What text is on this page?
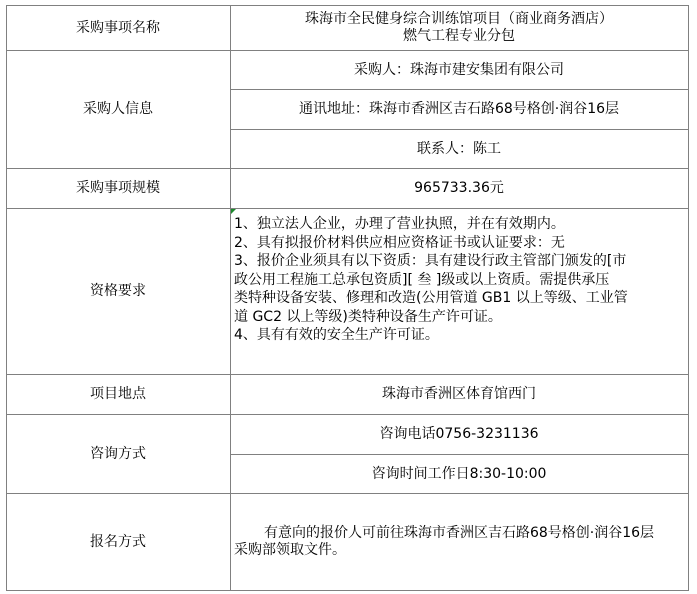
采购事项名称
珠海市全民健身综合训练馆项目（商业商务酒店）
燃气工程专业分包
采购人信息
采购人：珠海市建安集团有限公司
通讯地址：珠海市香洲区吉石路68号格创·润谷16层
联系人：陈工
采购事项规模	965733.36元
资格要求
1、独立法人企业，办理了营业执照，并在有效期内。
2、具有拟报价材料供应相应资格证书或认证要求：无
3、报价企业须具有以下资质：具有建设行政主管部门颁发的[市
政公用工程施工总承包资质][ 叁 ]级或以上资质。需提供承压
类特种设备安装、修理和改造(公用管道 GB1 以上等级、工业管
道 GC2 以上等级)类特种设备生产许可证。
4、具有有效的安全生产许可证。
项目地点	珠海市香洲区体育馆西门
咨询方式
咨询电话0756-3231136
咨询时间工作日8:30-10:00
报名方式
有意向的报价人可前往珠海市香洲区吉石路68号格创·润谷16层
采购部领取文件。
